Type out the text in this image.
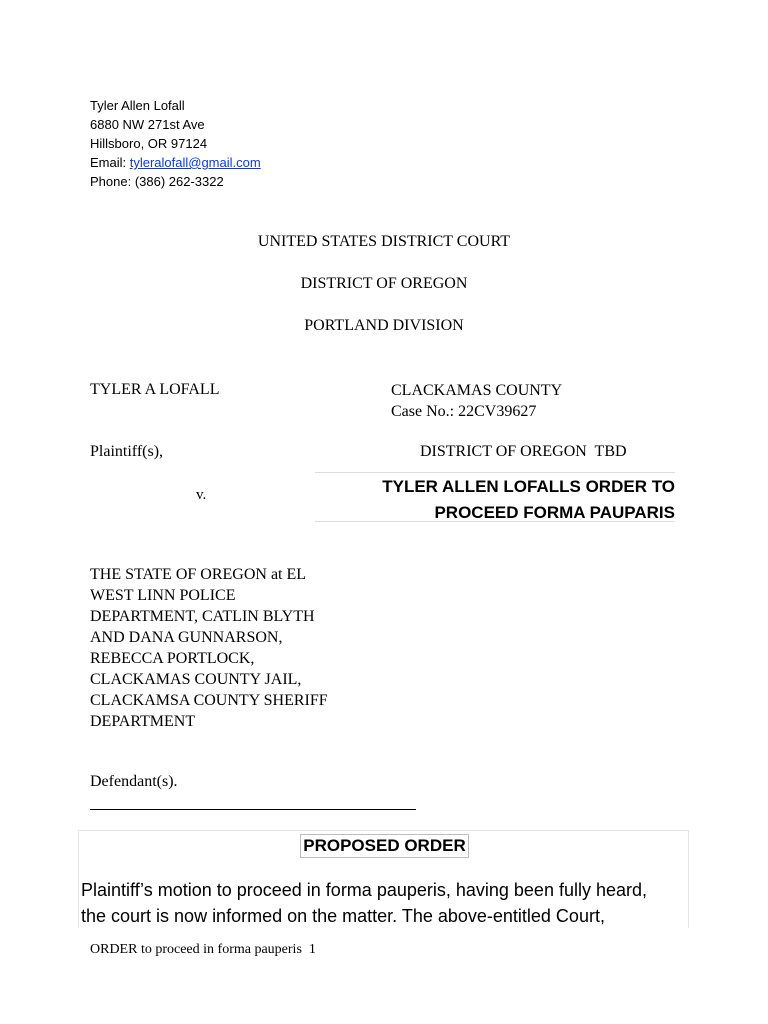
Tyler Allen Lofall
6880 NW 271st Ave
Hillsboro, OR 97124
Email: tyleralofall@gmail.com
Phone: (386) 262-3322
UNITED STATES DISTRICT COURT
DISTRICT OF OREGON
PORTLAND DIVISION
TYLER A LOFALL
Plaintiff(s),
v.
CLACKAMAS COUNTY
Case No.: 22CV39627
DISTRICT OF OREGON  TBD
TYLER ALLEN LOFALLS ORDER TO
PROCEED FORMA PAUPARIS
THE STATE OF OREGON at EL
WEST LINN POLICE
DEPARTMENT, CATLIN BLYTH
AND DANA GUNNARSON,
REBECCA PORTLOCK,
CLACKAMAS COUNTY JAIL,
CLACKAMSA COUNTY SHERIFF
DEPARTMENT
Defendant(s).
PROPOSED ORDER
Plaintiff’s motion to proceed in forma pauperis, having been fully heard,
the court is now informed on the matter. The above-entitled Court,
ORDER to proceed in forma pauperis  1
